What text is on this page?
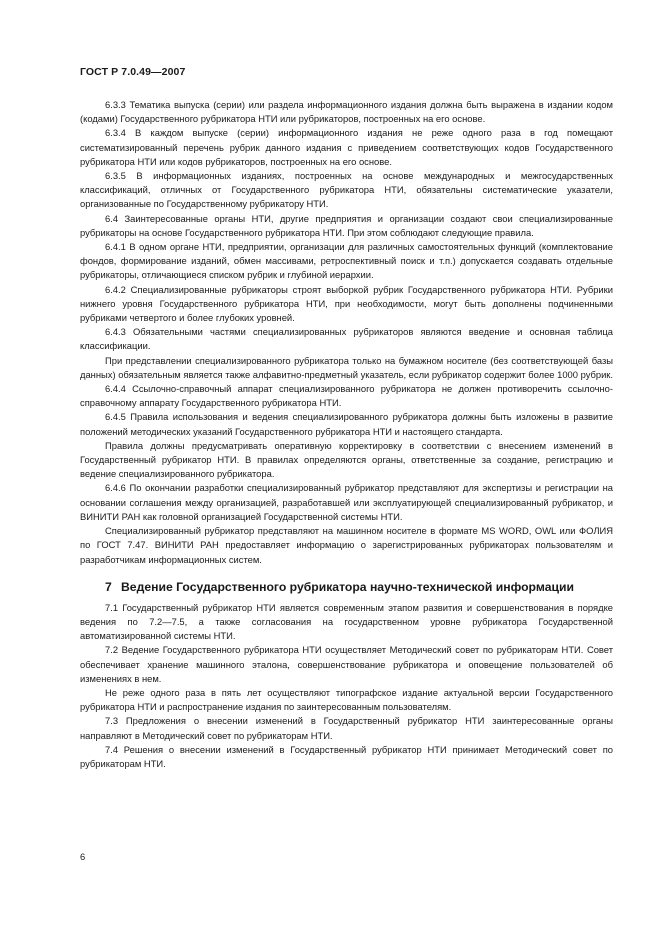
ГОСТ Р 7.0.49—2007

6.3.3 Тематика выпуска (серии) или раздела информационного издания должна быть выражена в издании кодом (кодами) Государственного рубрикатора НТИ или рубрикаторов, построенных на его основе.

6.3.4 В каждом выпуске (серии) информационного издания не реже одного раза в год помещают систематизированный перечень рубрик данного издания с приведением соответствующих кодов Государственного рубрикатора НТИ или кодов рубрикаторов, построенных на его основе.

6.3.5 В информационных изданиях, построенных на основе международных и межгосударственных классификаций, отличных от Государственного рубрикатора НТИ, обязательны систематические указатели, организованные по Государственному рубрикатору НТИ.

6.4 Заинтересованные органы НТИ, другие предприятия и организации создают свои специализированные рубрикаторы на основе Государственного рубрикатора НТИ. При этом соблюдают следующие правила.

6.4.1 В одном органе НТИ, предприятии, организации для различных самостоятельных функций (комплектование фондов, формирование изданий, обмен массивами, ретроспективный поиск и т.п.) допускается создавать отдельные рубрикаторы, отличающиеся списком рубрик и глубиной иерархии.

6.4.2 Специализированные рубрикаторы строят выборкой рубрик Государственного рубрикатора НТИ. Рубрики нижнего уровня Государственного рубрикатора НТИ, при необходимости, могут быть дополнены подчиненными рубриками четвертого и более глубоких уровней.

6.4.3 Обязательными частями специализированных рубрикаторов являются введение и основная таблица классификации.

При представлении специализированного рубрикатора только на бумажном носителе (без соответствующей базы данных) обязательным является также алфавитно-предметный указатель, если рубрикатор содержит более 1000 рубрик.

6.4.4 Ссылочно-справочный аппарат специализированного рубрикатора не должен противоречить ссылочно-справочному аппарату Государственного рубрикатора НТИ.

6.4.5 Правила использования и ведения специализированного рубрикатора должны быть изложены в развитие положений методических указаний Государственного рубрикатора НТИ и настоящего стандарта.

Правила должны предусматривать оперативную корректировку в соответствии с внесением изменений в Государственный рубрикатор НТИ. В правилах определяются органы, ответственные за создание, регистрацию и ведение специализированного рубрикатора.

6.4.6 По окончании разработки специализированный рубрикатор представляют для экспертизы и регистрации на основании соглашения между организацией, разработавшей или эксплуатирующей специализированный рубрикатор, и ВИНИТИ РАН как головной организацией Государственной системы НТИ.

Специализированный рубрикатор представляют на машинном носителе в формате MS WORD, OWL или ФОЛИЯ по ГОСТ 7.47. ВИНИТИ РАН предоставляет информацию о зарегистрированных рубрикаторах пользователям и разработчикам информационных систем.

7 Ведение Государственного рубрикатора научно-технической информации

7.1 Государственный рубрикатор НТИ является современным этапом развития и совершенствования в порядке ведения по 7.2—7.5, а также согласования на государственном уровне рубрикатора Государственной автоматизированной системы НТИ.

7.2 Ведение Государственного рубрикатора НТИ осуществляет Методический совет по рубрикаторам НТИ. Совет обеспечивает хранение машинного эталона, совершенствование рубрикатора и оповещение пользователей об изменениях в нем.

Не реже одного раза в пять лет осуществляют типографское издание актуальной версии Государственного рубрикатора НТИ и распространение издания по заинтересованным пользователям.

7.3 Предложения о внесении изменений в Государственный рубрикатор НТИ заинтересованные органы направляют в Методический совет по рубрикаторам НТИ.

7.4 Решения о внесении изменений в Государственный рубрикатор НТИ принимает Методический совет по рубрикаторам НТИ.

6
